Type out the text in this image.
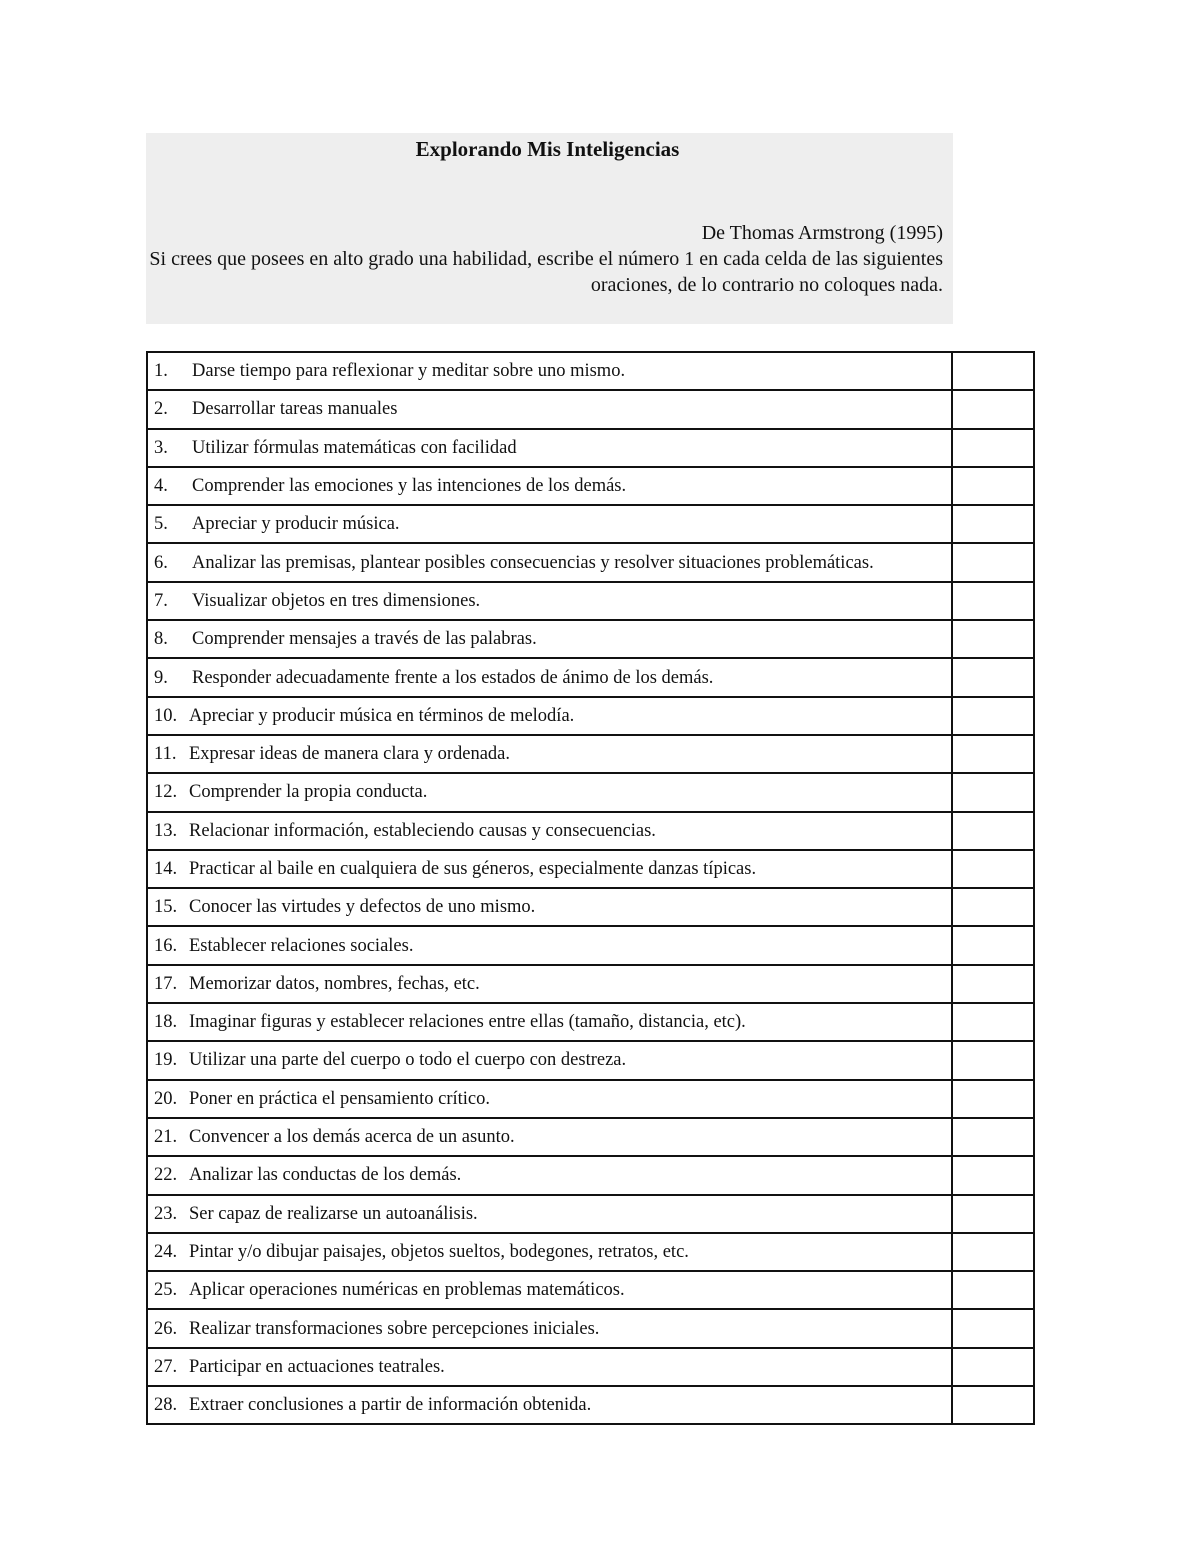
De Thomas Armstrong (1995)
Si crees que posees en alto grado una habilidad, escribe el número 1 en cada celda de las siguientes oraciones, de lo contrario no coloques nada.
Explorando Mis Inteligencias
1. Darse tiempo para reflexionar y meditar sobre uno mismo.	
2. Desarrollar tareas manuales	
3. Utilizar fórmulas matemáticas con facilidad	
4. Comprender las emociones y las intenciones de los demás.	
5. Apreciar y producir música.	
6. Analizar las premisas, plantear posibles consecuencias y resolver situaciones problemáticas.	
7. Visualizar objetos en tres dimensiones.	
8. Comprender mensajes a través de las palabras.	
9. Responder adecuadamente frente a los estados de ánimo de los demás.	
10. Apreciar y producir música en términos de melodía.	
11. Expresar ideas de manera clara y ordenada.	
12. Comprender la propia conducta.	
13. Relacionar información, estableciendo causas y consecuencias.	
14. Practicar al baile en cualquiera de sus géneros, especialmente danzas típicas.	
15. Conocer las virtudes y defectos de uno mismo.	
16. Establecer relaciones sociales.	
17. Memorizar datos, nombres, fechas, etc.	
18. Imaginar figuras y establecer relaciones entre ellas (tamaño, distancia, etc).	
19. Utilizar una parte del cuerpo o todo el cuerpo con destreza.	
20. Poner en práctica el pensamiento crítico.	
21. Convencer a los demás acerca de un asunto.	
22. Analizar las conductas de los demás.	
23. Ser capaz de realizarse un autoanálisis.	
24. Pintar y/o dibujar paisajes, objetos sueltos, bodegones, retratos, etc.	
25. Aplicar operaciones numéricas en problemas matemáticos.	
26. Realizar transformaciones sobre percepciones iniciales.	
27. Participar en actuaciones teatrales.	
28. Extraer conclusiones a partir de información obtenida.	
